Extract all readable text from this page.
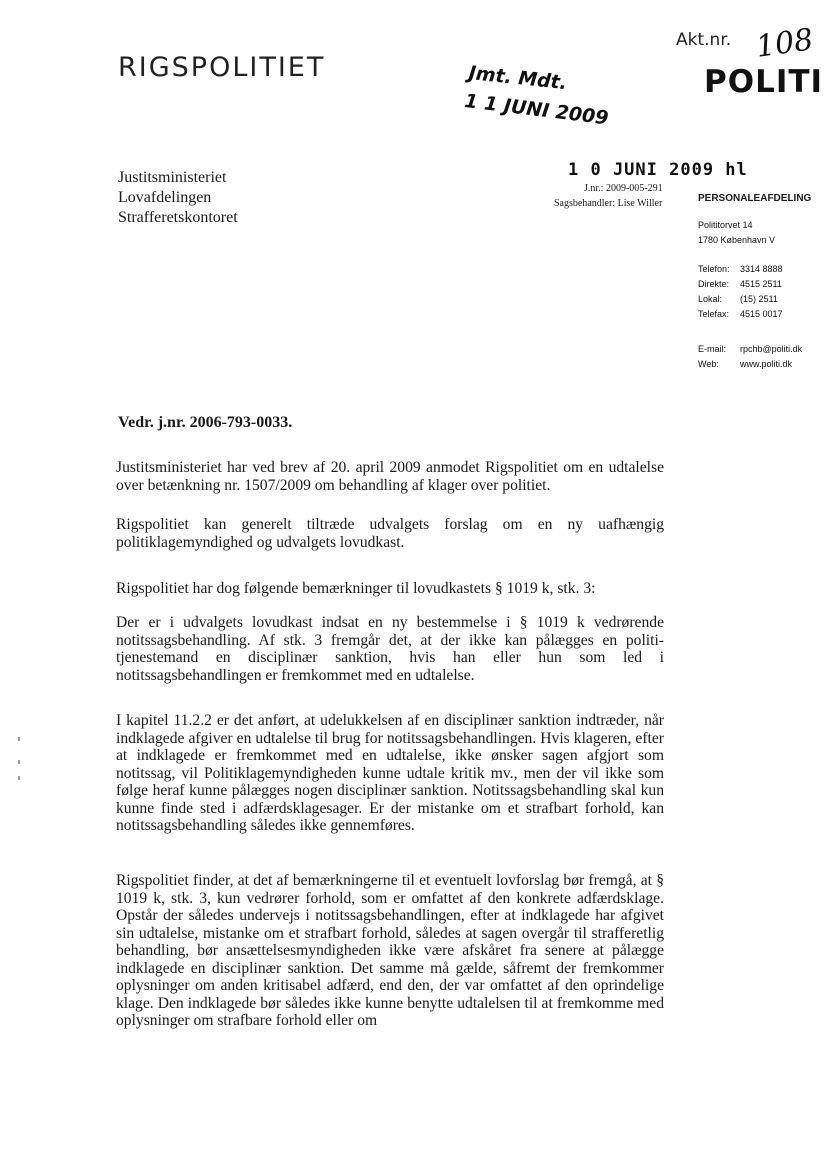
RIGSPOLITIET	Jmt. Mdt.
1 1 JUNI 2009
Akt.nr. 108
POLITI
Justitsministeriet
Lovafdelingen
Strafferetskontoret
1 0 JUNI 2009 hl
J.nr.: 2009-005-291
Sagsbehandler: Lise Willer	PERSONALEAFDELING
Polititorvet 14
1780 København V
Telefon:	3314 8888
Direkte:	4515 2511
Lokal:	(15) 2511
Telefax:	4515 0017
E-mail:	rpchb@politi.dk
Web:	www.politi.dk
Vedr. j.nr. 2006-793-0033.
Justitsministeriet har ved brev af 20. april 2009 anmodet Rigspolitiet om en udtalelse over betænkning nr. 1507/2009 om behandling af klager over politiet.
Rigspolitiet kan generelt tiltræde udvalgets forslag om en ny uafhængig politiklagemyndighed og udvalgets lovudkast.
Rigspolitiet har dog følgende bemærkninger til lovudkastets § 1019 k, stk. 3:
Der er i udvalgets lovudkast indsat en ny bestemmelse i § 1019 k vedrørende notitssagsbehandling. Af stk. 3 fremgår det, at der ikke kan pålægges en polititjenestemand en disciplinær sanktion, hvis han eller hun som led i notitssagsbehandlingen er fremkommet med en udtalelse.
I kapitel 11.2.2 er det anført, at udelukkelsen af en disciplinær sanktion indtræder, når indklagede afgiver en udtalelse til brug for notitssagsbehandlingen. Hvis klageren, efter at indklagede er fremkommet med en udtalelse, ikke ønsker sagen afgjort som notitssag, vil Politiklagemyndigheden kunne udtale kritik mv., men der vil ikke som følge heraf kunne pålægges nogen disciplinær sanktion. Notitssagsbehandling skal kun kunne finde sted i adfærdsklagesager. Er der mistanke om et strafbart forhold, kan notitssagsbehandling således ikke gennemføres.
Rigspolitiet finder, at det af bemærkningerne til et eventuelt lovforslag bør fremgå, at § 1019 k, stk. 3, kun vedrører forhold, som er omfattet af den konkrete adfærdsklage. Opstår der således undervejs i notitssagsbehandlingen, efter at indklagede har afgivet sin udtalelse, mistanke om et strafbart forhold, således at sagen overgår til strafferetlig behandling, bør ansættelsesmyndigheden ikke være afskåret fra senere at pålægge indklagede en disciplinær sanktion. Det samme må gælde, såfremt der fremkommer oplysninger om anden kritisabel adfærd, end den, der var omfattet af den oprindelige klage. Den indklagede bør således ikke kunne benytte udtalelsen til at fremkomme med oplysninger om strafbare forhold eller om
